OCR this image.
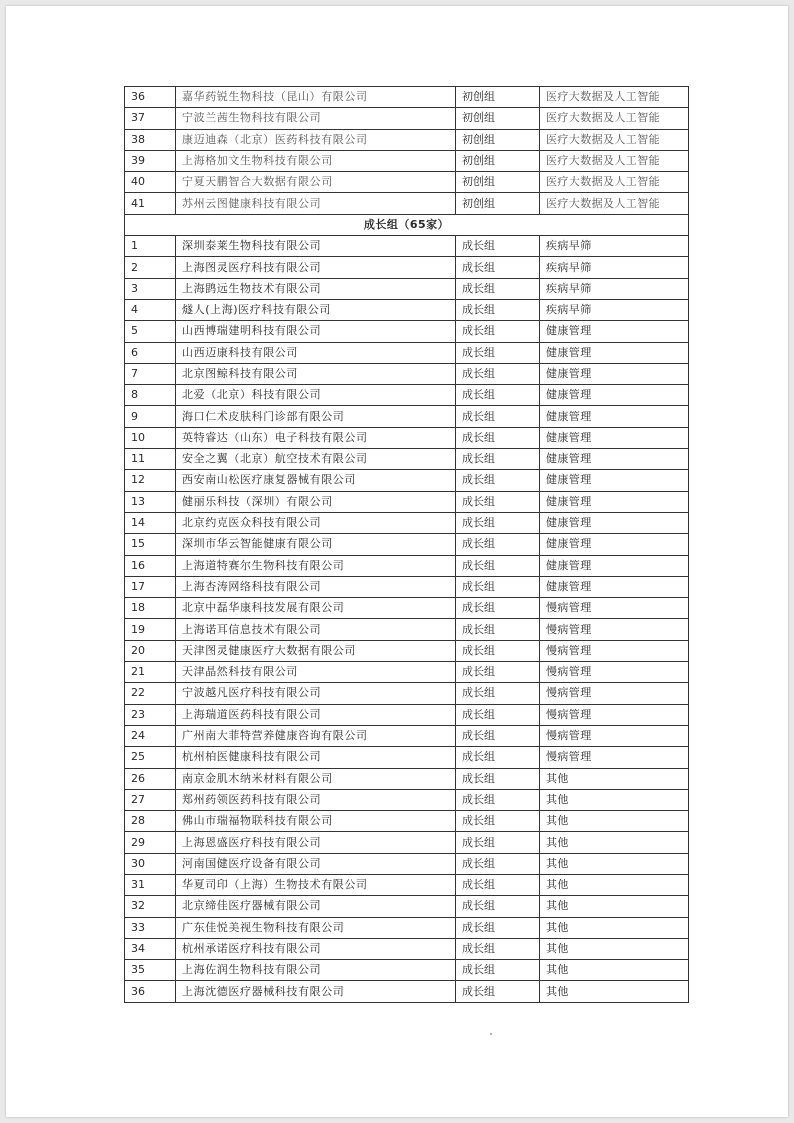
36	嘉华药锐生物科技（昆山）有限公司	初创组	医疗大数据及人工智能
37	宁波兰茜生物科技有限公司	初创组	医疗大数据及人工智能
38	康迈迪森（北京）医药科技有限公司	初创组	医疗大数据及人工智能
39	上海格加文生物科技有限公司	初创组	医疗大数据及人工智能
40	宁夏天鹏智合大数据有限公司	初创组	医疗大数据及人工智能
41	苏州云图健康科技有限公司	初创组	医疗大数据及人工智能
成长组（65家）			
1	深圳泰莱生物科技有限公司	成长组	疾病早筛
2	上海图灵医疗科技有限公司	成长组	疾病早筛
3	上海鹍远生物技术有限公司	成长组	疾病早筛
4	燧人(上海)医疗科技有限公司	成长组	疾病早筛
5	山西博瑞建明科技有限公司	成长组	健康管理
6	山西迈康科技有限公司	成长组	健康管理
7	北京图鲸科技有限公司	成长组	健康管理
8	北爱（北京）科技有限公司	成长组	健康管理
9	海口仁术皮肤科门诊部有限公司	成长组	健康管理
10	英特睿达（山东）电子科技有限公司	成长组	健康管理
11	安全之翼（北京）航空技术有限公司	成长组	健康管理
12	西安南山松医疗康复器械有限公司	成长组	健康管理
13	健丽乐科技（深圳）有限公司	成长组	健康管理
14	北京约克医众科技有限公司	成长组	健康管理
15	深圳市华云智能健康有限公司	成长组	健康管理
16	上海道特赛尔生物科技有限公司	成长组	健康管理
17	上海杏涛网络科技有限公司	成长组	健康管理
18	北京中磊华康科技发展有限公司	成长组	慢病管理
19	上海诺耳信息技术有限公司	成长组	慢病管理
20	天津图灵健康医疗大数据有限公司	成长组	慢病管理
21	天津晶然科技有限公司	成长组	慢病管理
22	宁波越凡医疗科技有限公司	成长组	慢病管理
23	上海瑞道医药科技有限公司	成长组	慢病管理
24	广州南大菲特营养健康咨询有限公司	成长组	慢病管理
25	杭州柏医健康科技有限公司	成长组	慢病管理
26	南京金肌木纳米材料有限公司	成长组	其他
27	郑州药领医药科技有限公司	成长组	其他
28	佛山市瑞福物联科技有限公司	成长组	其他
29	上海恩盛医疗科技有限公司	成长组	其他
30	河南国健医疗设备有限公司	成长组	其他
31	华夏司印（上海）生物技术有限公司	成长组	其他
32	北京缔佳医疗器械有限公司	成长组	其他
33	广东佳悦美视生物科技有限公司	成长组	其他
34	杭州承诺医疗科技有限公司	成长组	其他
35	上海佐润生物科技有限公司	成长组	其他
36	上海沈德医疗器械科技有限公司	成长组	其他
